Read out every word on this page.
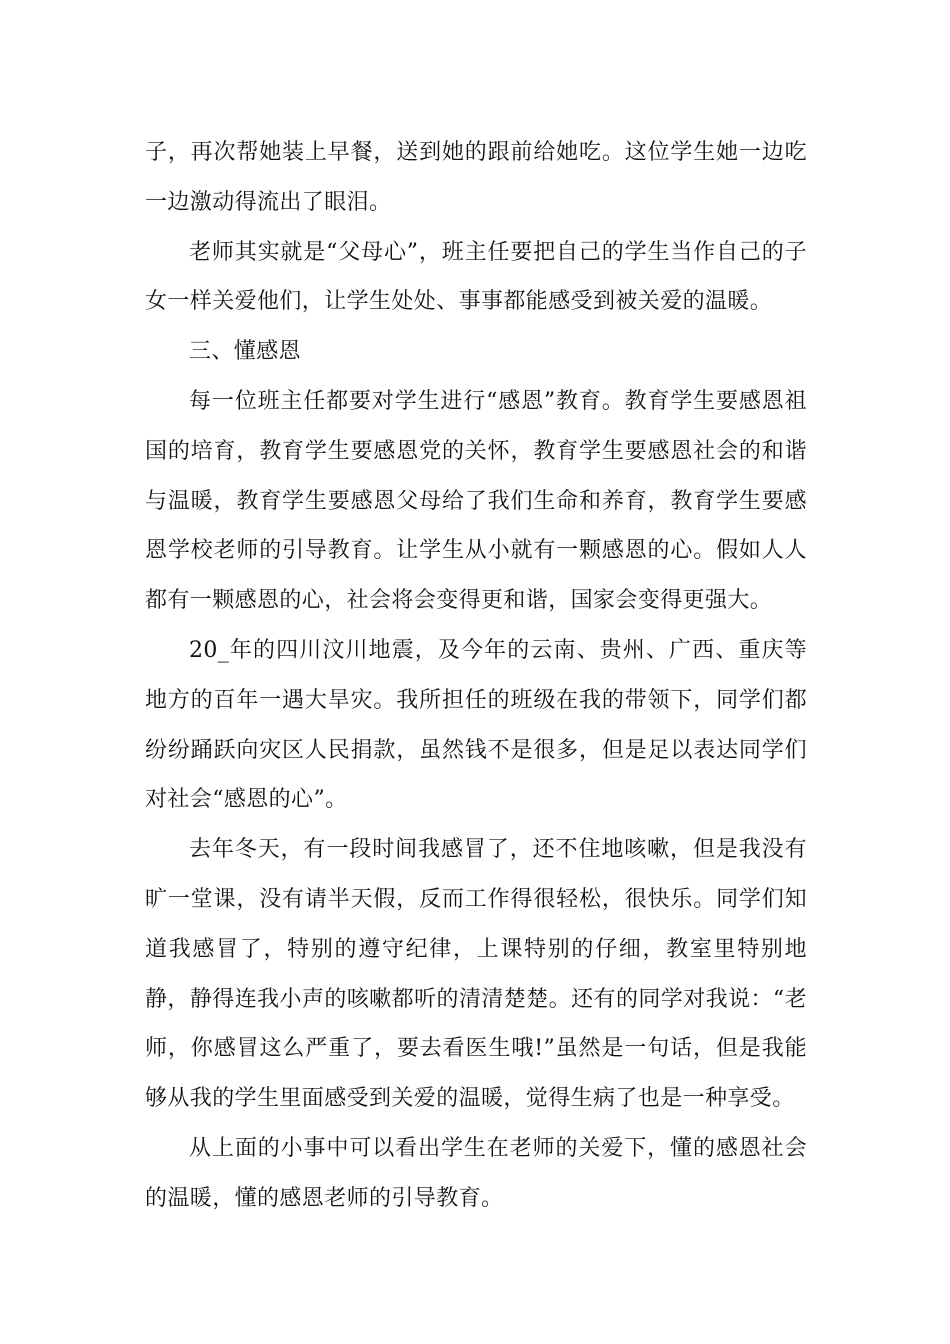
子，再次帮她装上早餐，送到她的跟前给她吃。这位学生她一边吃一边激动得流出了眼泪。

老师其实就是“父母心”，班主任要把自己的学生当作自己的子女一样关爱他们，让学生处处、事事都能感受到被关爱的温暖。

三、懂感恩

每一位班主任都要对学生进行“感恩”教育。教育学生要感恩祖国的培育，教育学生要感恩党的关怀，教育学生要感恩社会的和谐与温暖，教育学生要感恩父母给了我们生命和养育，教育学生要感恩学校老师的引导教育。让学生从小就有一颗感恩的心。假如人人都有一颗感恩的心，社会将会变得更和谐，国家会变得更强大。

20_年的四川汶川地震，及今年的云南、贵州、广西、重庆等地方的百年一遇大旱灾。我所担任的班级在我的带领下，同学们都纷纷踊跃向灾区人民捐款，虽然钱不是很多，但是足以表达同学们对社会“感恩的心”。

去年冬天，有一段时间我感冒了，还不住地咳嗽，但是我没有旷一堂课，没有请半天假，反而工作得很轻松，很快乐。同学们知道我感冒了，特别的遵守纪律，上课特别的仔细，教室里特别地静，静得连我小声的咳嗽都听的清清楚楚。还有的同学对我说：“老师，你感冒这么严重了，要去看医生哦!”虽然是一句话，但是我能够从我的学生里面感受到关爱的温暖，觉得生病了也是一种享受。

从上面的小事中可以看出学生在老师的关爱下，懂的感恩社会的温暖，懂的感恩老师的引导教育。
